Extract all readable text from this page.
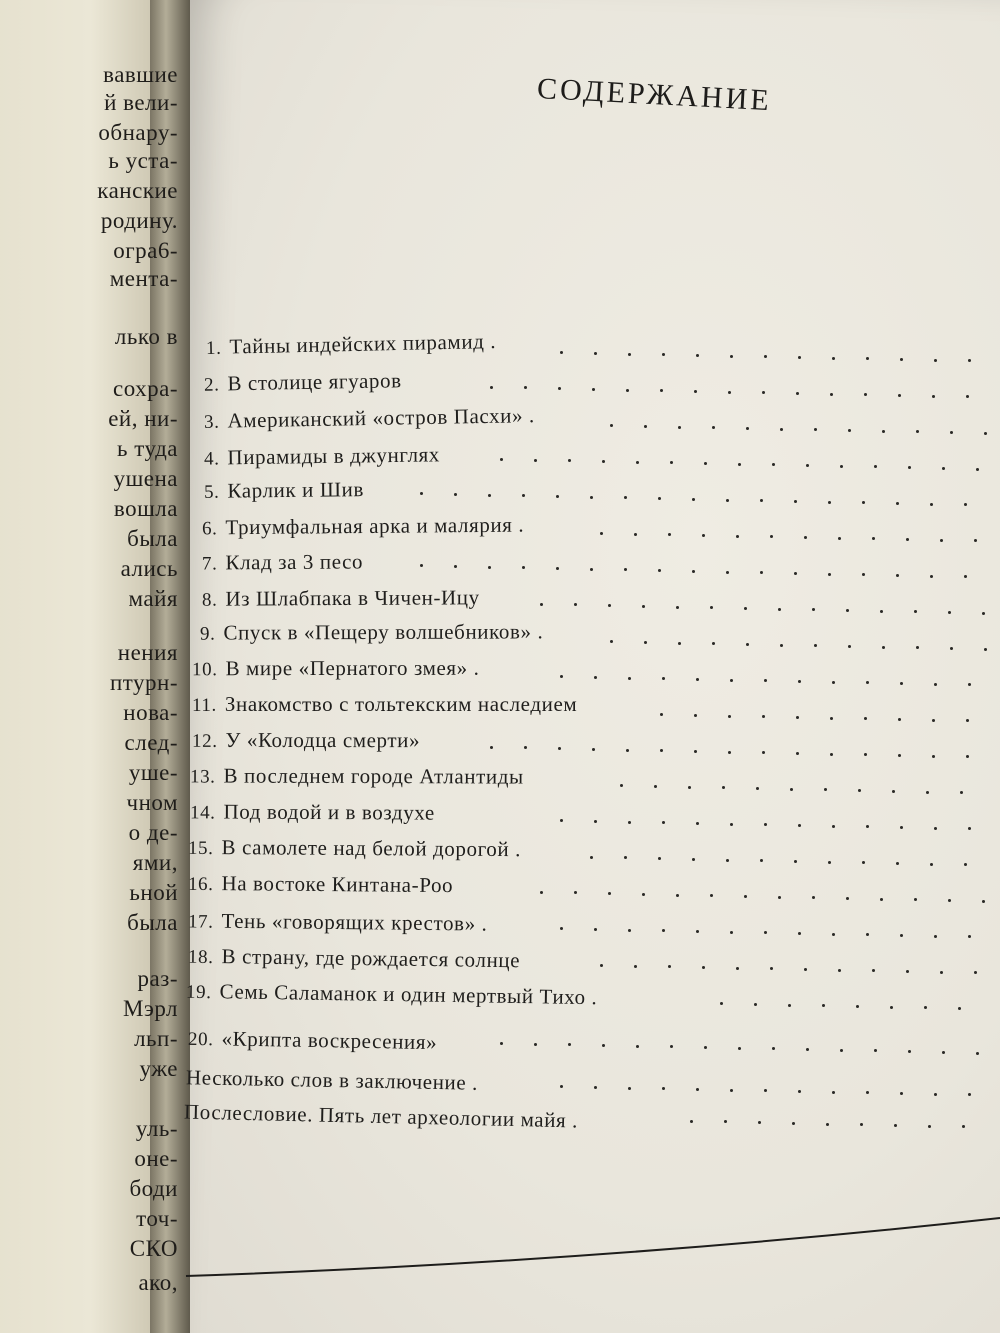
вавшие
й вели-
обнару-
ь уста-
канские
родину.
огра6-
мента-
лько в
сохра-
ей, ни-
ь туда
ушена
вошла
была
ались
майя
нения
птурн-
нова-
след-
ушe-
чном
о де-
ями,
ьной
была
раз-
Мэрл
льп-
уже
уль-
оне-
боди
точ-
СКО
ако,
СОДЕРЖАНИЕ
1. Тайны индейских пирамид .
2. В столице ягуаров
3. Американский «остров Пасхи» .
4. Пирамиды в джунглях
5. Карлик и Шив
6. Триумфальная арка и малярия .
7. Клад за 3 песо
8. Из Шлабпака в Чичен-Ицу
9. Спуск в «Пещеру волшебников» .
10. В мире «Пернатого змея» .
11. Знакомство с тольтекским наследием
12. У «Колодца смерти»
13. В последнем городе Атлантиды
14. Под водой и в воздухе
15. В самолете над белой дорогой .
16. На востоке Кинтана-Роо
17. Тень «говорящих крестов» .
18. В страну, где рождается солнце
19. Семь Саламанок и один мертвый Тихо .
20. «Крипта воскресения»
Несколько слов в заключение .
Послесловие. Пять лет археологии майя .
